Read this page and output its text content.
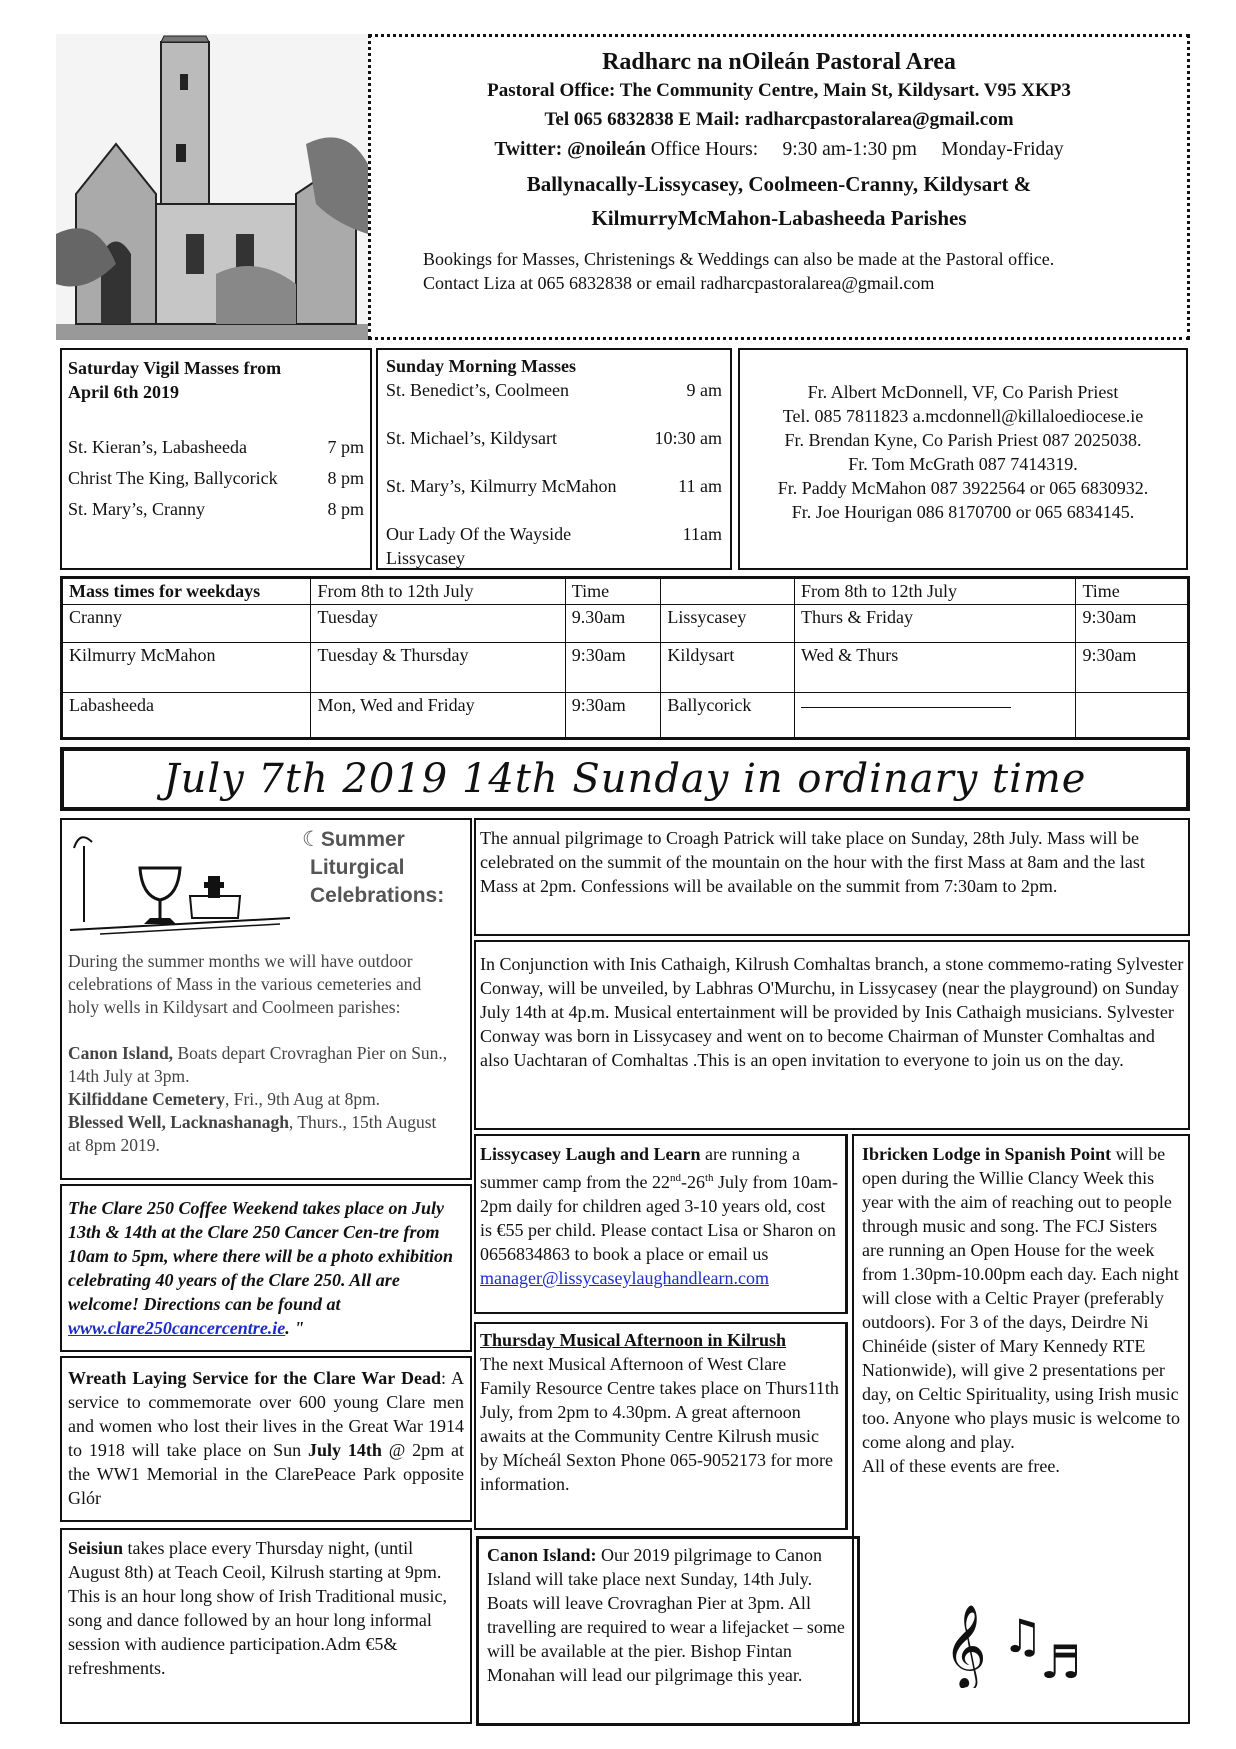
Radharc na nOileán Pastoral Area
Pastoral Office: The Community Centre, Main St, Kildysart. V95 XKP3
Tel 065 6832838 E Mail: radharcpastoralarea@gmail.com
Twitter: @noileán Office Hours:     9:30 am-1:30 pm     Monday-Friday
Ballynacally-Lissycasey, Coolmeen-Cranny, Kildysart &
KilmurryMcMahon-Labasheeda Parishes
Bookings for Masses, Christenings & Weddings can also be made at the Pastoral office.
Contact Liza at 065 6832838 or email radharcpastoralarea@gmail.com
Saturday Vigil Masses from
April 6th 2019
St. Kieran’s, Labasheeda	7 pm
Christ The King, Ballycorick	8 pm
St. Mary’s, Cranny	8 pm
Sunday Morning Masses
St. Benedict’s, Coolmeen	9 am
St. Michael’s, Kildysart	10:30 am
St. Mary’s, Kilmurry McMahon	11 am
Our Lady Of the Wayside	11am
Lissycasey
Fr. Albert McDonnell, VF, Co Parish Priest
Tel. 085 7811823 a.mcdonnell@killaloediocese.ie
Fr. Brendan Kyne, Co Parish Priest 087 2025038.
Fr. Tom McGrath 087 7414319.
Fr. Paddy McMahon 087 3922564 or 065 6830932.
Fr. Joe Hourigan 086 8170700 or 065 6834145.
Mass times for weekdays	From 8th to 12th July	Time		From 8th to 12th July	Time
Cranny	Tuesday	9.30am	Lissycasey	Thurs & Friday	9:30am
Kilmurry McMahon	Tuesday & Thursday	9:30am	Kildysart	Wed & Thurs	9:30am
Labasheeda	Mon, Wed and Friday	9:30am	Ballycorick	

July 7th 2019 14th Sunday in ordinary time
☾Summer
Liturgical
Celebrations:
During the summer months we will have outdoor celebrations of Mass in the various cemeteries and holy wells in Kildysart and Coolmeen parishes:
Canon Island, Boats depart Crovraghan Pier on Sun., 14th July at 3pm.
Kilfiddane Cemetery, Fri., 9th Aug at 8pm.
Blessed Well, Lacknashanagh, Thurs., 15th August at 8pm 2019.
The annual pilgrimage to Croagh Patrick will take place on Sunday, 28th July. Mass will be celebrated on the summit of the mountain on the hour with the first Mass at 8am and the last Mass at 2pm. Confessions will be available on the summit from 7:30am to 2pm.
In Conjunction with Inis Cathaigh, Kilrush Comhaltas branch, a stone commemo-rating Sylvester Conway, will be unveiled, by Labhras O'Murchu, in Lissycasey (near the playground) on Sunday July 14th at 4p.m. Musical entertainment will be provided by Inis Cathaigh musicians. Sylvester Conway was born in Lissycasey and went on to become Chairman of Munster Comhaltas and also Uachtaran of Comhaltas .This is an open invitation to everyone to join us on the day.
The Clare 250 Coffee Weekend takes place on July 13th & 14th at the Clare 250 Cancer Cen-tre from 10am to 5pm, where there will be a photo exhibition celebrating 40 years of the Clare 250. All are welcome! Directions can be found at www.clare250cancercentre.ie. "
Lissycasey Laugh and Learn are running a summer camp from the 22nd-26th July from 10am-2pm daily for children aged 3-10 years old, cost is €55 per child. Please contact Lisa or Sharon on 0656834863 to book a place or email us
manager@lissycaseylaughandlearn.com
Ibricken Lodge in Spanish Point will be open during the Willie Clancy Week this year with the aim of reaching out to people through music and song. The FCJ Sisters are running an Open House for the week from 1.30pm-10.00pm each day. Each night will close with a Celtic Prayer (preferably outdoors). For 3 of the days, Deirdre Ni Chinéide (sister of Mary Kennedy RTE Nationwide), will give 2 presentations per day, on Celtic Spirituality, using Irish music too. Anyone who plays music is welcome to come along and play.
All of these events are free.
𝄞 ♫
♬
Thursday Musical Afternoon in Kilrush
The next Musical Afternoon of West Clare Family Resource Centre takes place on Thurs11th July, from 2pm to 4.30pm. A great afternoon awaits at the Community Centre Kilrush music by Mícheál Sexton Phone 065-9052173 for more information.
Wreath Laying Service for the Clare War Dead: A service to commemorate over 600 young Clare men and women who lost their lives in the Great War 1914 to 1918 will take place on Sun July 14th @ 2pm at the WW1 Memorial in the ClarePeace Park opposite Glór
Seisiun takes place every Thursday night, (until August 8th) at Teach Ceoil, Kilrush starting at 9pm. This is an hour long show of Irish Traditional music, song and dance followed by an hour long informal session with audience participation.Adm €5& refreshments.
Canon Island: Our 2019 pilgrimage to Canon Island will take place next Sunday, 14th July. Boats will leave Crovraghan Pier at 3pm. All travelling are required to wear a lifejacket – some will be available at the pier. Bishop Fintan Monahan will lead our pilgrimage this year.
